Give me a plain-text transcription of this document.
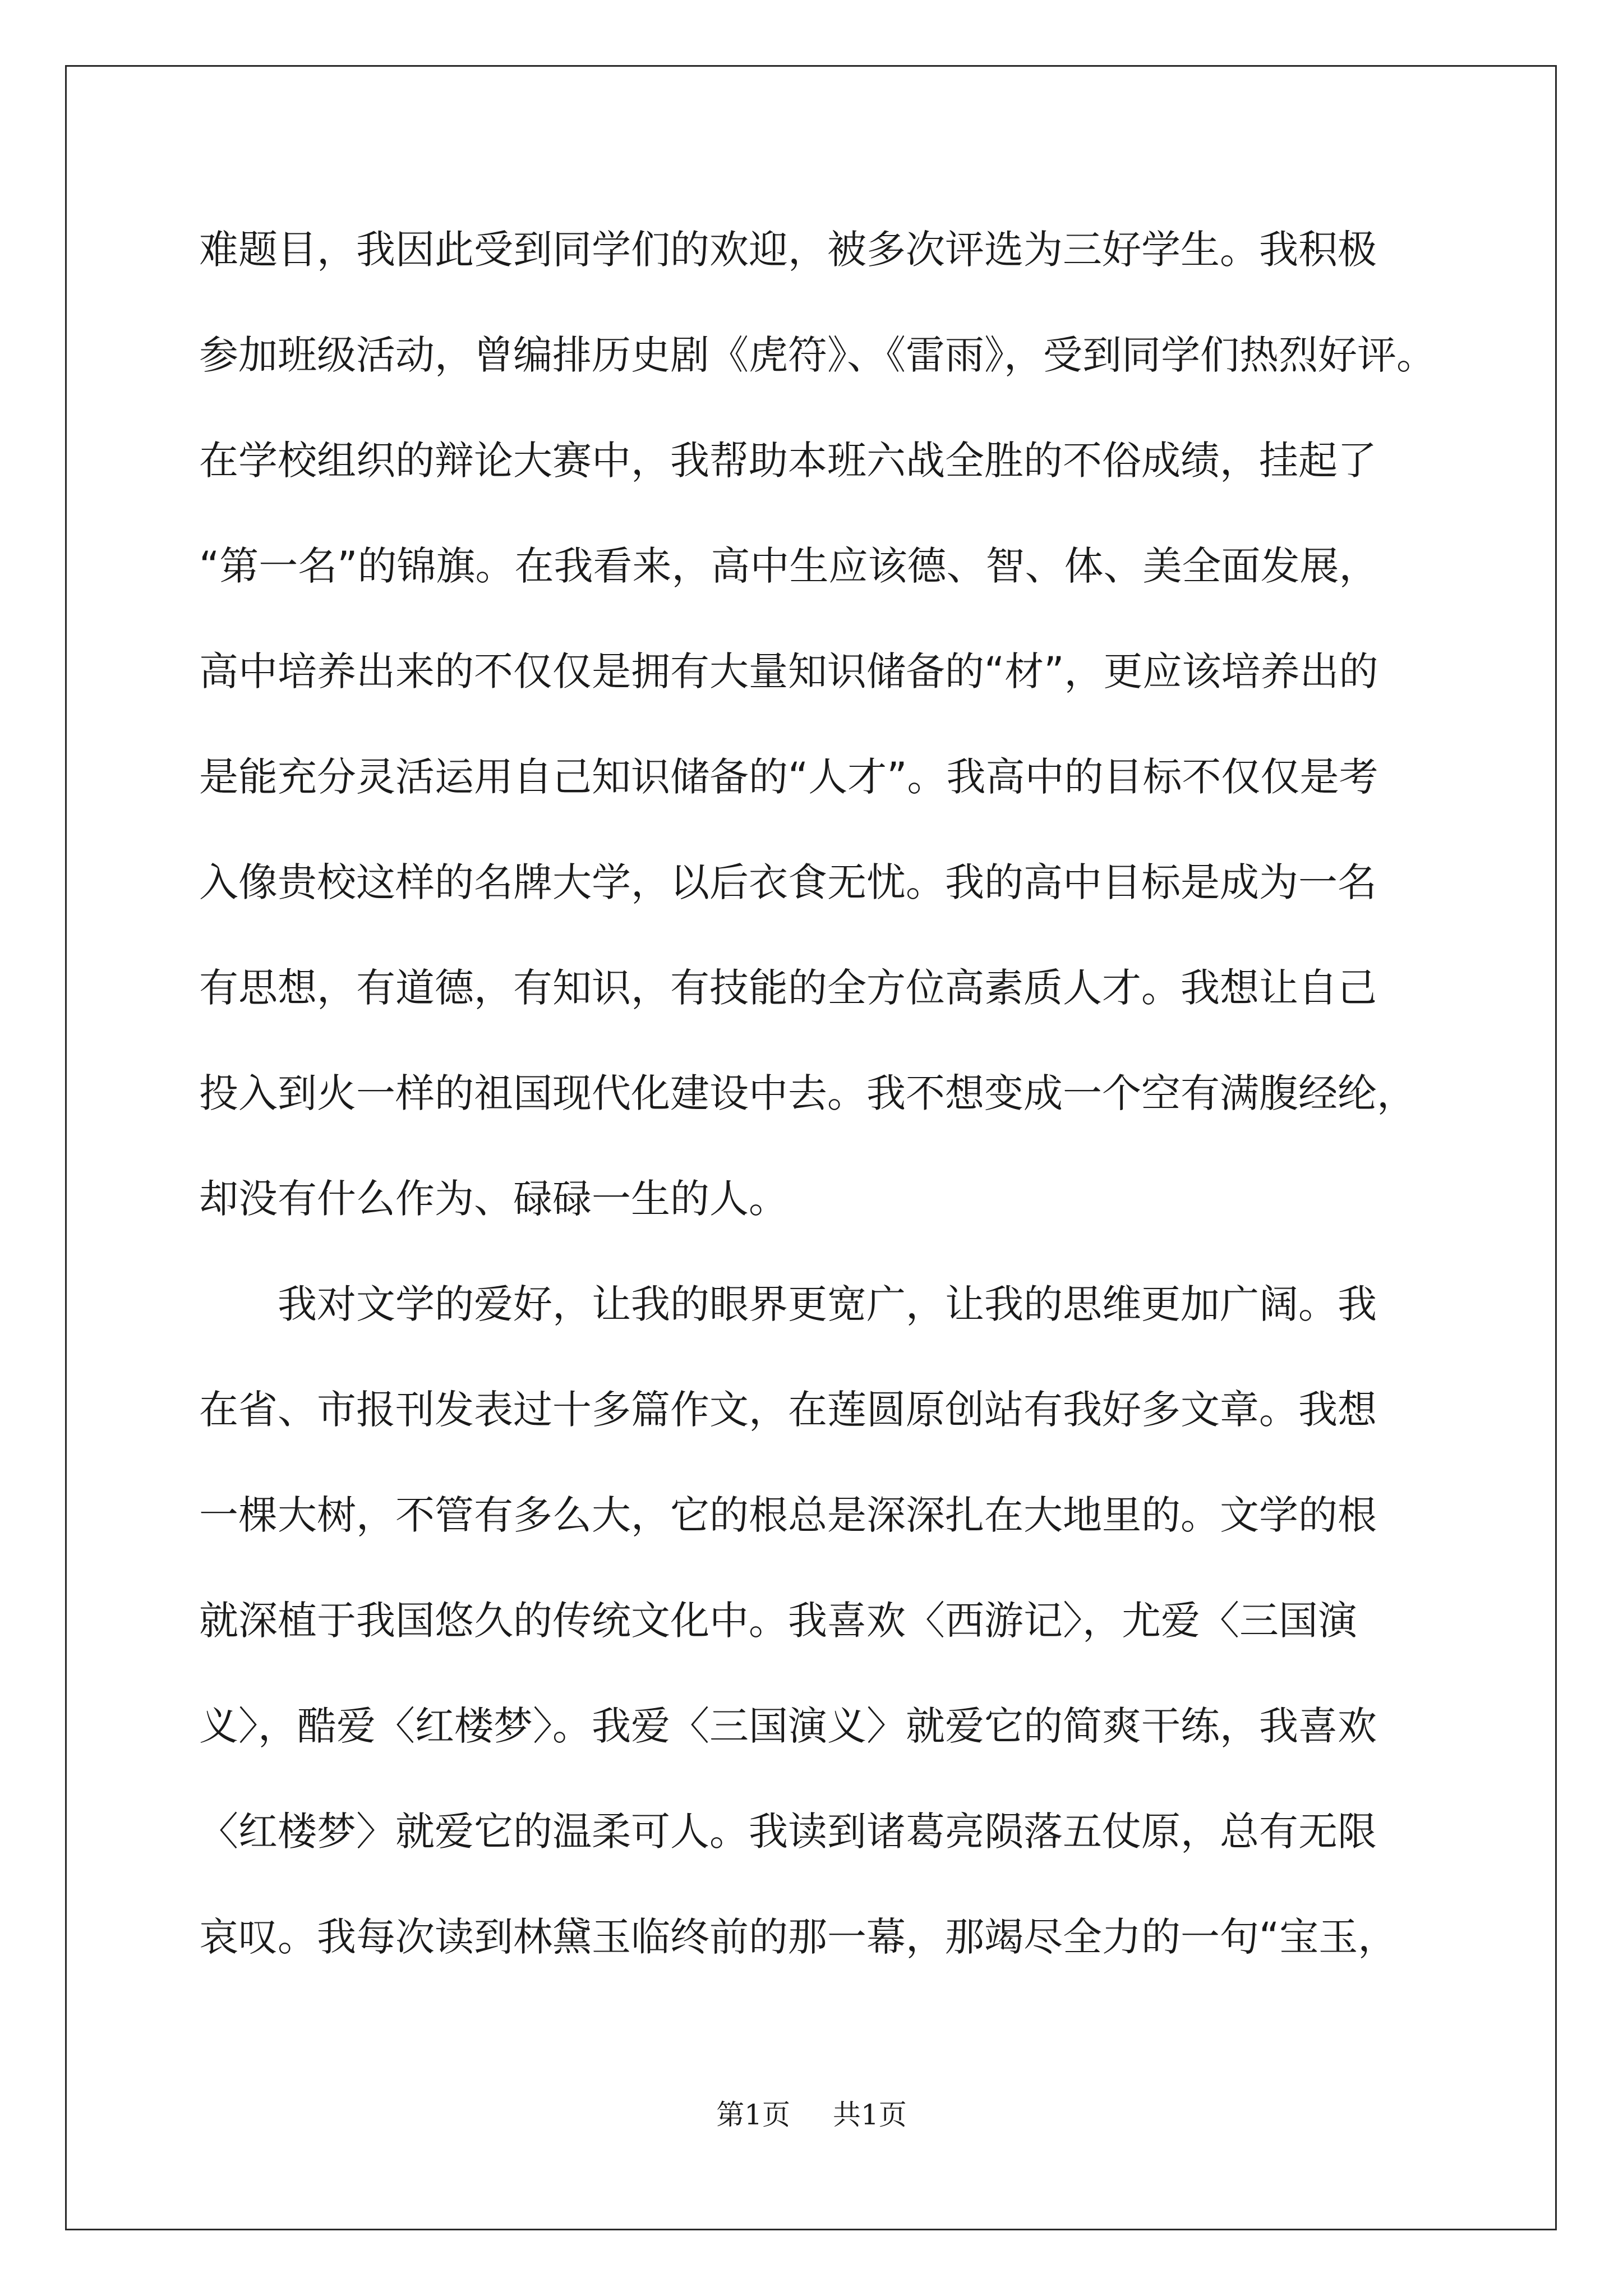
难题目，我因此受到同学们的欢迎，被多次评选为三好学生。我积极
参加班级活动，曾编排历史剧《虎符》、《雷雨》，受到同学们热烈好评。
在学校组织的辩论大赛中，我帮助本班六战全胜的不俗成绩，挂起了
“第一名”的锦旗。在我看来，高中生应该德、智、体、美全面发展，
高中培养出来的不仅仅是拥有大量知识储备的“材”，更应该培养出的
是能充分灵活运用自己知识储备的“人才”。我高中的目标不仅仅是考
入像贵校这样的名牌大学，以后衣食无忧。我的高中目标是成为一名
有思想，有道德，有知识，有技能的全方位高素质人才。我想让自己
投入到火一样的祖国现代化建设中去。我不想变成一个空有满腹经纶，
却没有什么作为、碌碌一生的人。
我对文学的爱好，让我的眼界更宽广，让我的思维更加广阔。我
在省、市报刊发表过十多篇作文，在莲圆原创站有我好多文章。我想
一棵大树，不管有多么大，它的根总是深深扎在大地里的。文学的根
就深植于我国悠久的传统文化中。我喜欢〈西游记〉，尤爱〈三国演
义〉，酷爱〈红楼梦〉。我爱〈三国演义〉就爱它的简爽干练，我喜欢
〈红楼梦〉就爱它的温柔可人。我读到诸葛亮陨落五仗原，总有无限
哀叹。我每次读到林黛玉临终前的那一幕，那竭尽全力的一句“宝玉，
第1页 共1页
